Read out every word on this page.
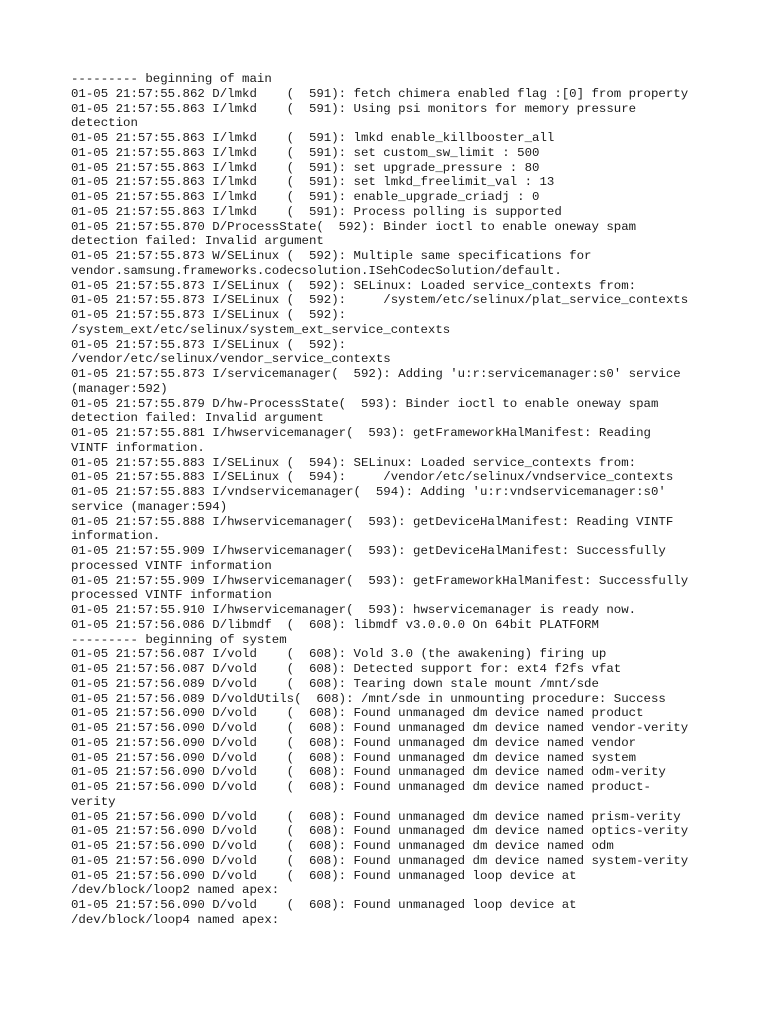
--------- beginning of main
01-05 21:57:55.862 D/lmkd    (  591): fetch chimera enabled flag :[0] from property
01-05 21:57:55.863 I/lmkd    (  591): Using psi monitors for memory pressure
detection
01-05 21:57:55.863 I/lmkd    (  591): lmkd enable_killbooster_all
01-05 21:57:55.863 I/lmkd    (  591): set custom_sw_limit : 500
01-05 21:57:55.863 I/lmkd    (  591): set upgrade_pressure : 80
01-05 21:57:55.863 I/lmkd    (  591): set lmkd_freelimit_val : 13
01-05 21:57:55.863 I/lmkd    (  591): enable_upgrade_criadj : 0
01-05 21:57:55.863 I/lmkd    (  591): Process polling is supported
01-05 21:57:55.870 D/ProcessState(  592): Binder ioctl to enable oneway spam
detection failed: Invalid argument
01-05 21:57:55.873 W/SELinux (  592): Multiple same specifications for
vendor.samsung.frameworks.codecsolution.ISehCodecSolution/default.
01-05 21:57:55.873 I/SELinux (  592): SELinux: Loaded service_contexts from:
01-05 21:57:55.873 I/SELinux (  592):     /system/etc/selinux/plat_service_contexts
01-05 21:57:55.873 I/SELinux (  592):
/system_ext/etc/selinux/system_ext_service_contexts
01-05 21:57:55.873 I/SELinux (  592):
/vendor/etc/selinux/vendor_service_contexts
01-05 21:57:55.873 I/servicemanager(  592): Adding 'u:r:servicemanager:s0' service
(manager:592)
01-05 21:57:55.879 D/hw-ProcessState(  593): Binder ioctl to enable oneway spam
detection failed: Invalid argument
01-05 21:57:55.881 I/hwservicemanager(  593): getFrameworkHalManifest: Reading
VINTF information.
01-05 21:57:55.883 I/SELinux (  594): SELinux: Loaded service_contexts from:
01-05 21:57:55.883 I/SELinux (  594):     /vendor/etc/selinux/vndservice_contexts
01-05 21:57:55.883 I/vndservicemanager(  594): Adding 'u:r:vndservicemanager:s0'
service (manager:594)
01-05 21:57:55.888 I/hwservicemanager(  593): getDeviceHalManifest: Reading VINTF
information.
01-05 21:57:55.909 I/hwservicemanager(  593): getDeviceHalManifest: Successfully
processed VINTF information
01-05 21:57:55.909 I/hwservicemanager(  593): getFrameworkHalManifest: Successfully
processed VINTF information
01-05 21:57:55.910 I/hwservicemanager(  593): hwservicemanager is ready now.
01-05 21:57:56.086 D/libmdf  (  608): libmdf v3.0.0.0 On 64bit PLATFORM
--------- beginning of system
01-05 21:57:56.087 I/vold    (  608): Vold 3.0 (the awakening) firing up
01-05 21:57:56.087 D/vold    (  608): Detected support for: ext4 f2fs vfat
01-05 21:57:56.089 D/vold    (  608): Tearing down stale mount /mnt/sde
01-05 21:57:56.089 D/voldUtils(  608): /mnt/sde in unmounting procedure: Success
01-05 21:57:56.090 D/vold    (  608): Found unmanaged dm device named product
01-05 21:57:56.090 D/vold    (  608): Found unmanaged dm device named vendor-verity
01-05 21:57:56.090 D/vold    (  608): Found unmanaged dm device named vendor
01-05 21:57:56.090 D/vold    (  608): Found unmanaged dm device named system
01-05 21:57:56.090 D/vold    (  608): Found unmanaged dm device named odm-verity
01-05 21:57:56.090 D/vold    (  608): Found unmanaged dm device named product-
verity
01-05 21:57:56.090 D/vold    (  608): Found unmanaged dm device named prism-verity
01-05 21:57:56.090 D/vold    (  608): Found unmanaged dm device named optics-verity
01-05 21:57:56.090 D/vold    (  608): Found unmanaged dm device named odm
01-05 21:57:56.090 D/vold    (  608): Found unmanaged dm device named system-verity
01-05 21:57:56.090 D/vold    (  608): Found unmanaged loop device at
/dev/block/loop2 named apex:
01-05 21:57:56.090 D/vold    (  608): Found unmanaged loop device at
/dev/block/loop4 named apex:
